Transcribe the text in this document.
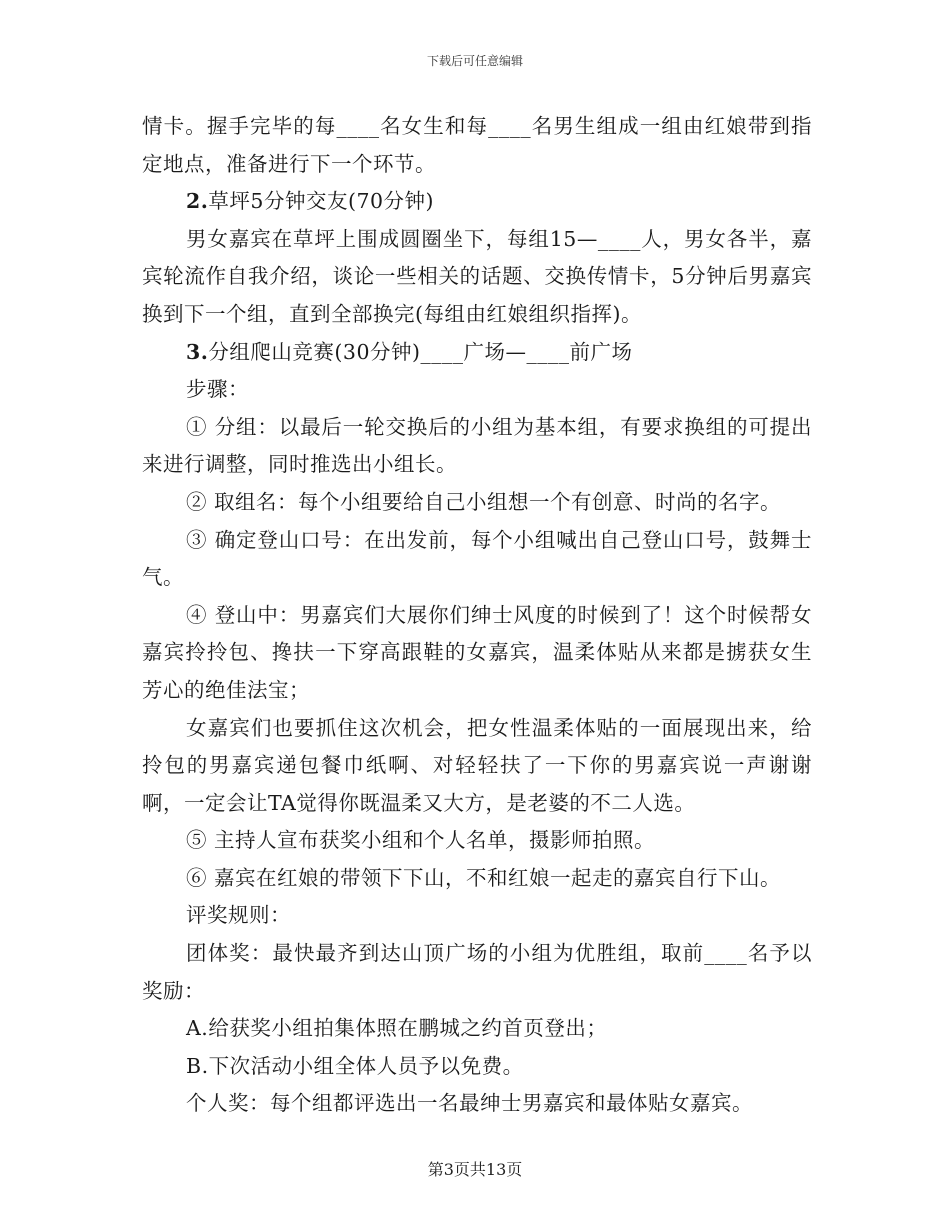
下载后可任意编辑

情卡。握手完毕的每____名女生和每____名男生组成一组由红娘带到指定地点，准备进行下一个环节。

2.草坪5分钟交友(70分钟)

男女嘉宾在草坪上围成圆圈坐下，每组15—____人，男女各半，嘉宾轮流作自我介绍，谈论一些相关的话题、交换传情卡，5分钟后男嘉宾换到下一个组，直到全部换完(每组由红娘组织指挥)。

3.分组爬山竞赛(30分钟)____广场—____前广场

步骤：

① 分组：以最后一轮交换后的小组为基本组，有要求换组的可提出来进行调整，同时推选出小组长。

② 取组名：每个小组要给自己小组想一个有创意、时尚的名字。

③ 确定登山口号：在出发前，每个小组喊出自己登山口号，鼓舞士气。

④ 登山中：男嘉宾们大展你们绅士风度的时候到了！这个时候帮女嘉宾拎拎包、搀扶一下穿高跟鞋的女嘉宾，温柔体贴从来都是掳获女生芳心的绝佳法宝；

女嘉宾们也要抓住这次机会，把女性温柔体贴的一面展现出来，给拎包的男嘉宾递包餐巾纸啊、对轻轻扶了一下你的男嘉宾说一声谢谢啊，一定会让TA觉得你既温柔又大方，是老婆的不二人选。

⑤ 主持人宣布获奖小组和个人名单，摄影师拍照。

⑥ 嘉宾在红娘的带领下下山，不和红娘一起走的嘉宾自行下山。

评奖规则：

团体奖：最快最齐到达山顶广场的小组为优胜组，取前____名予以奖励：

A.给获奖小组拍集体照在鹏城之约首页登出；

B.下次活动小组全体人员予以免费。

个人奖：每个组都评选出一名最绅士男嘉宾和最体贴女嘉宾。

第3页共13页
